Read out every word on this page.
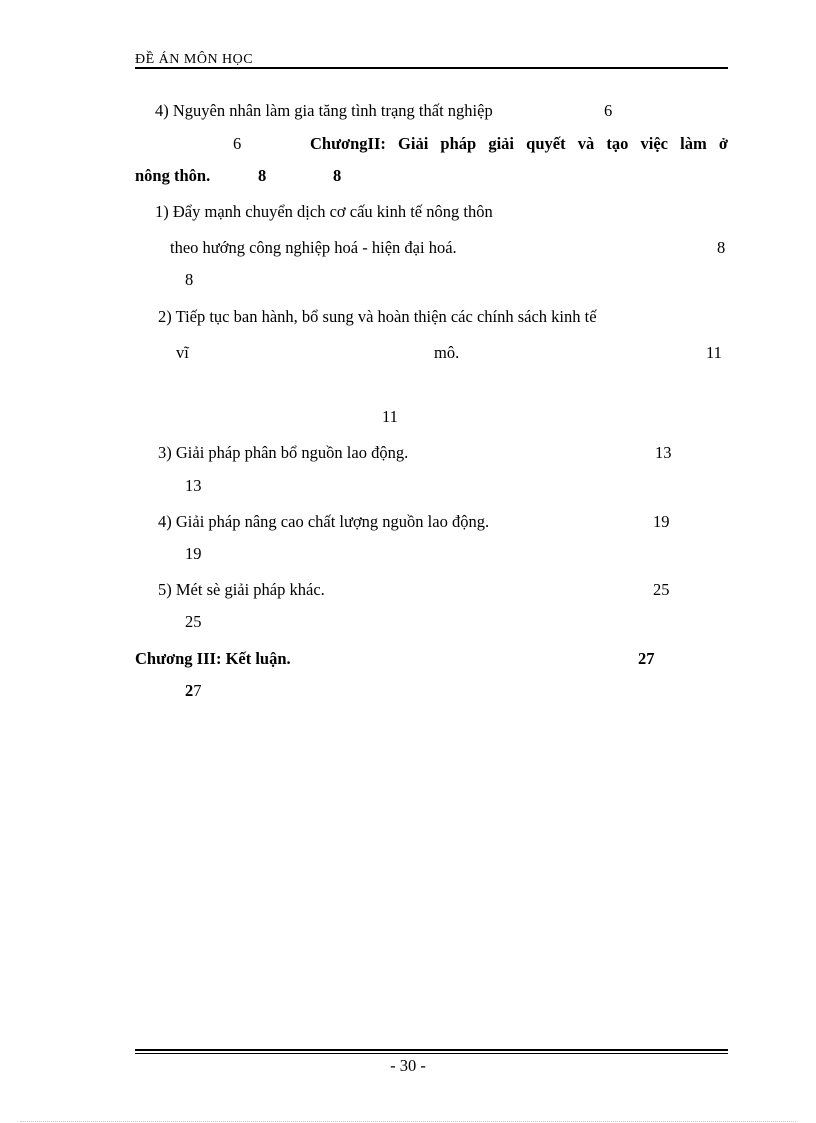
ĐỀ ÁN MÔN HỌC
4) Nguyên nhân làm gia tăng tình trạng thất nghiệp	6
6	ChươngII: Giải pháp giải quyết và tạo việc làm ở
nông thôn.	8	8
1) Đẩy mạnh chuyển dịch cơ cấu kinh tế nông thôn
theo hướng công nghiệp hoá - hiện đại hoá.	8
8
2) Tiếp tục ban hành, bổ sung và hoàn thiện các chính sách kinh tế
vĩ	mô.	11
11
3) Giải pháp phân bổ nguồn lao động.	13
13
4) Giải pháp nâng cao chất lượng nguồn lao động.	19
19
5) Mét sè giải pháp khác.	25
25
Chương III: Kết luận.	27
27
- 30 -
